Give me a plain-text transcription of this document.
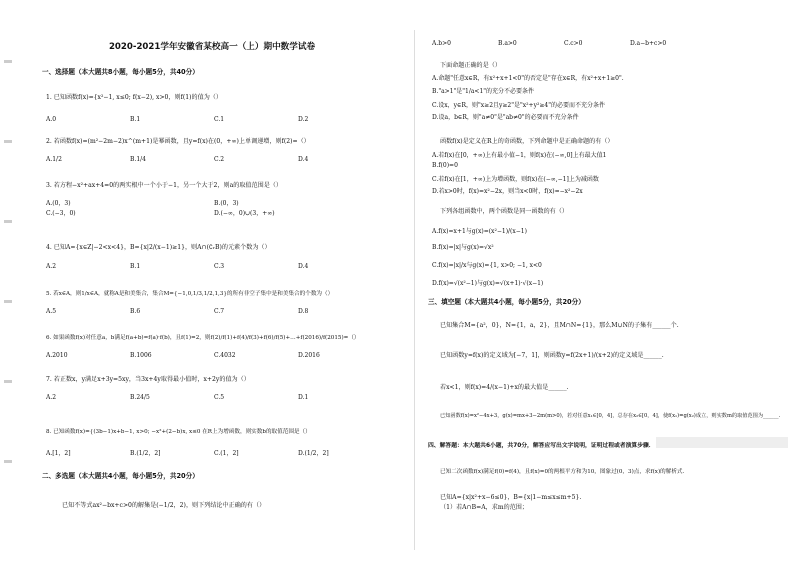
2020-2021学年安徽省某校高一（上）期中数学试卷
一、选择题（本大题共8小题，每小题5分，共40分）
1. 已知函数f(x)={x²−1, x≤0; f(x−2), x>0，则f(1)的值为（）
A.0	B.1	C.1	D.2
2. 若函数f(x)=(m²−2m−2)x^(m+1)是幂函数，且y=f(x)在(0，+∞)上单调递增，则f(2)=（）
A.1/2	B.1/4	C.2	D.4
3. 若方程−x²+ax+4=0的两实根中一个小于−1，另一个大于2，则a的取值范围是（）
A.(0，3)	B.(0，3)
C.(−3，0)	D.(−∞，0)∪(3，+∞)
4. 已知A={x∈Z|−2<x<4}，B={x|2/(x−1)≥1}，则A∩(∁ᵣB)的元素个数为（）
A.2	B.1	C.3	D.4
5. 若x∈A，则1/x∈A，就称A是和美集合，集合M={−1,0,1/3,1/2,1,3}的所有非空子集中是和美集合的个数为（）
A.5	B.6	C.7	D.8
6. 如果函数f(x)对任意a，b满足f(a+b)=f(a)·f(b)，且f(1)=2，则f(2)/f(1)+f(4)/f(3)+f(6)/f(5)+…+f(2016)/f(2015)=（）
A.2010	B.1006	C.4032	D.2016
7. 若正数x，y满足x+3y=5xy，当3x+4y取得最小值时，x+2y的值为（）
A.2	B.24/5	C.5	D.1
8. 已知函数f(x)={(3b−1)x+b−1, x>0; −x²+(2−b)x, x≤0 在R上为增函数，则实数b的取值范围是（）
A.[1，2]	B.(1/2，2]	C.(1，2]	D.(1/2，2]
二、多选题（本大题共4小题，每小题5分，共20分）
已知不等式ax²−bx+c>0的解集是(−1/2，2)，则下列结论中正确的有（）
A.b>0	B.a>0	C.c>0	D.a−b+c>0
下面命题正确的是（）
A.命题"任意x∈R，有x²+x+1<0"的否定是"存在x∈R，有x²+x+1≥0".
B."a>1"是"1/a<1"的充分不必要条件
C.设x，y∈R，则"x≥2且y≥2"是"x²+y²≥4"的必要而不充分条件
D.设a，b∈R，则"a≠0"是"ab≠0"的必要而不充分条件
函数f(x)是定义在R上的奇函数，下列命题中是正确命题的有（）
A.若f(x)在[0，+∞)上有最小值−1，则f(x)在(−∞,0]上有最大值1
B.f(0)=0
C.若f(x)在[1，+∞)上为增函数，则f(x)在(−∞,−1]上为减函数
D.若x>0时，f(x)=x²−2x，则当x<0时，f(x)=−x²−2x
下列各组函数中，两个函数是同一函数的有（）
A.f(x)=x+1与g(x)=(x²−1)/(x−1)
B.f(x)=|x|与g(x)=√x²
C.f(x)=|x|/x与g(x)={1, x>0; −1, x<0
D.f(x)=√(x²−1)与g(x)=√(x+1)·√(x−1)
三、填空题（本大题共4小题，每小题5分，共20分）
已知集合M={a²，0}，N={1，a，2}，且M∩N={1}，那么M∪N的子集有______个.
已知函数y=f(x)的定义域为[−7，1]，则函数y=f(2x+1)/(x+2)的定义域是______.
若x<1，则f(x)=4/(x−1)+x的最大值是______.
已知函数f(x)=x²−4x+3，g(x)=mx+3−2m(m>0)，若对任意x₁∈[0，4]，总存在x₂∈[0，4]，使f(x₁)=g(x₂)成立，则实数m的取值范围为______.
四、解答题：本大题共6小题，共70分，解答应写出文字说明，证明过程或者演算步骤．
已知二次函数f(x)满足f(0)=f(4)，且f(x)=0的两根平方和为10，图象过(0，3)点，求f(x)的解析式.
已知A={x|x²+x−6≤0}，B={x|1−m≤x≤m+5}.
（1）若A∩B=A，求m的范围；
